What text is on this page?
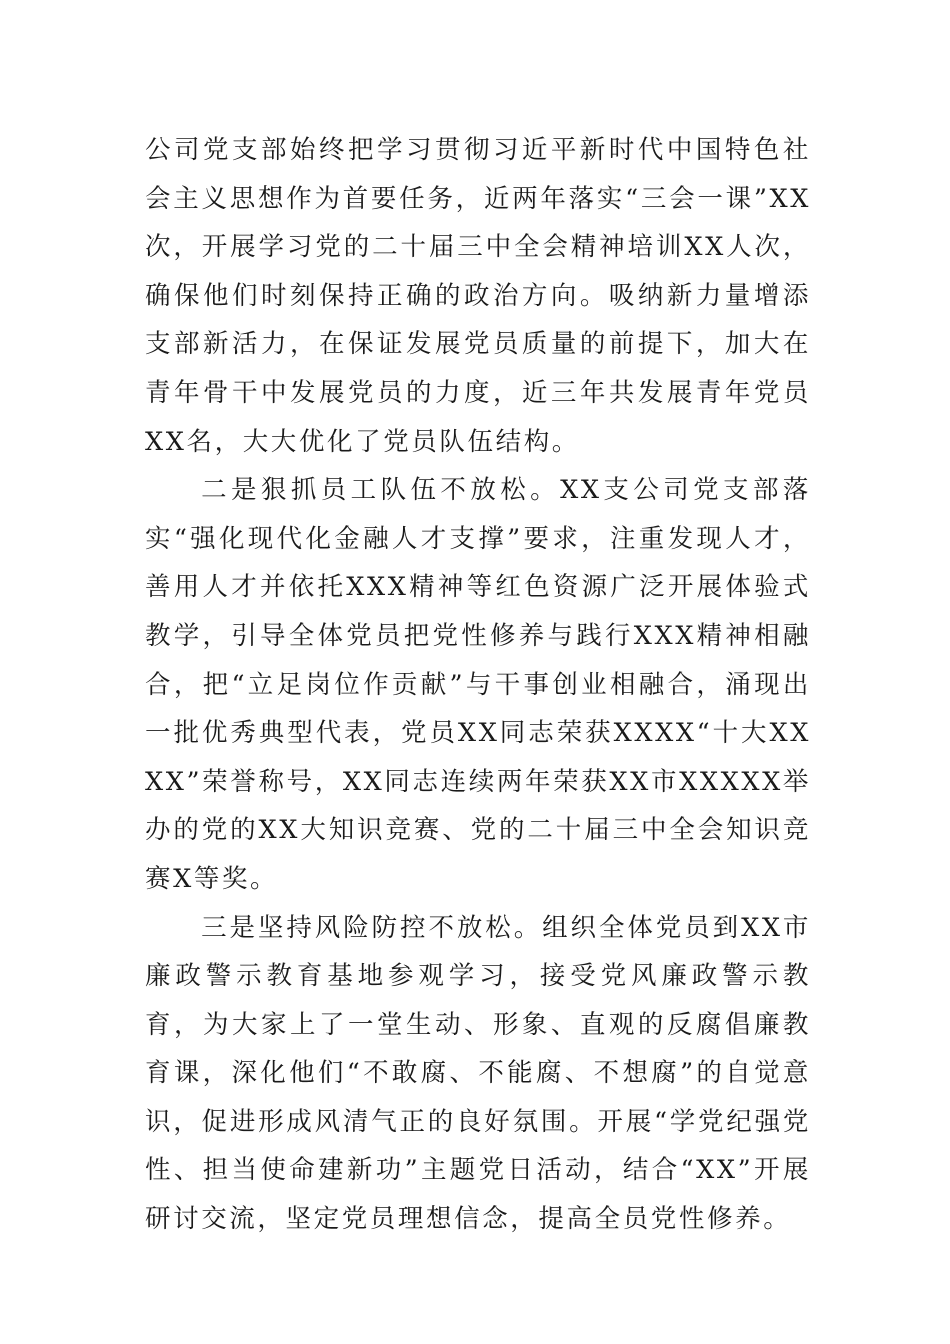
公司党支部始终把学习贯彻习近平新时代中国特色社会主义思想作为首要任务，近两年落实“三会一课”XX次，开展学习党的二十届三中全会精神培训XX人次，确保他们时刻保持正确的政治方向。吸纳新力量增添支部新活力，在保证发展党员质量的前提下，加大在青年骨干中发展党员的力度，近三年共发展青年党员XX名，大大优化了党员队伍结构。

二是狠抓员工队伍不放松。XX支公司党支部落实“强化现代化金融人才支撑”要求，注重发现人才，善用人才并依托XXX精神等红色资源广泛开展体验式教学，引导全体党员把党性修养与践行XXX精神相融合，把“立足岗位作贡献”与干事创业相融合，涌现出一批优秀典型代表，党员XX同志荣获XXXX“十大XXXX”荣誉称号，XX同志连续两年荣获XX市XXXXX举办的党的XX大知识竞赛、党的二十届三中全会知识竞赛X等奖。

三是坚持风险防控不放松。组织全体党员到XX市廉政警示教育基地参观学习，接受党风廉政警示教育，为大家上了一堂生动、形象、直观的反腐倡廉教育课，深化他们“不敢腐、不能腐、不想腐”的自觉意识，促进形成风清气正的良好氛围。开展“学党纪强党性、担当使命建新功”主题党日活动，结合“XX”开展研讨交流，坚定党员理想信念，提高全员党性修养。
